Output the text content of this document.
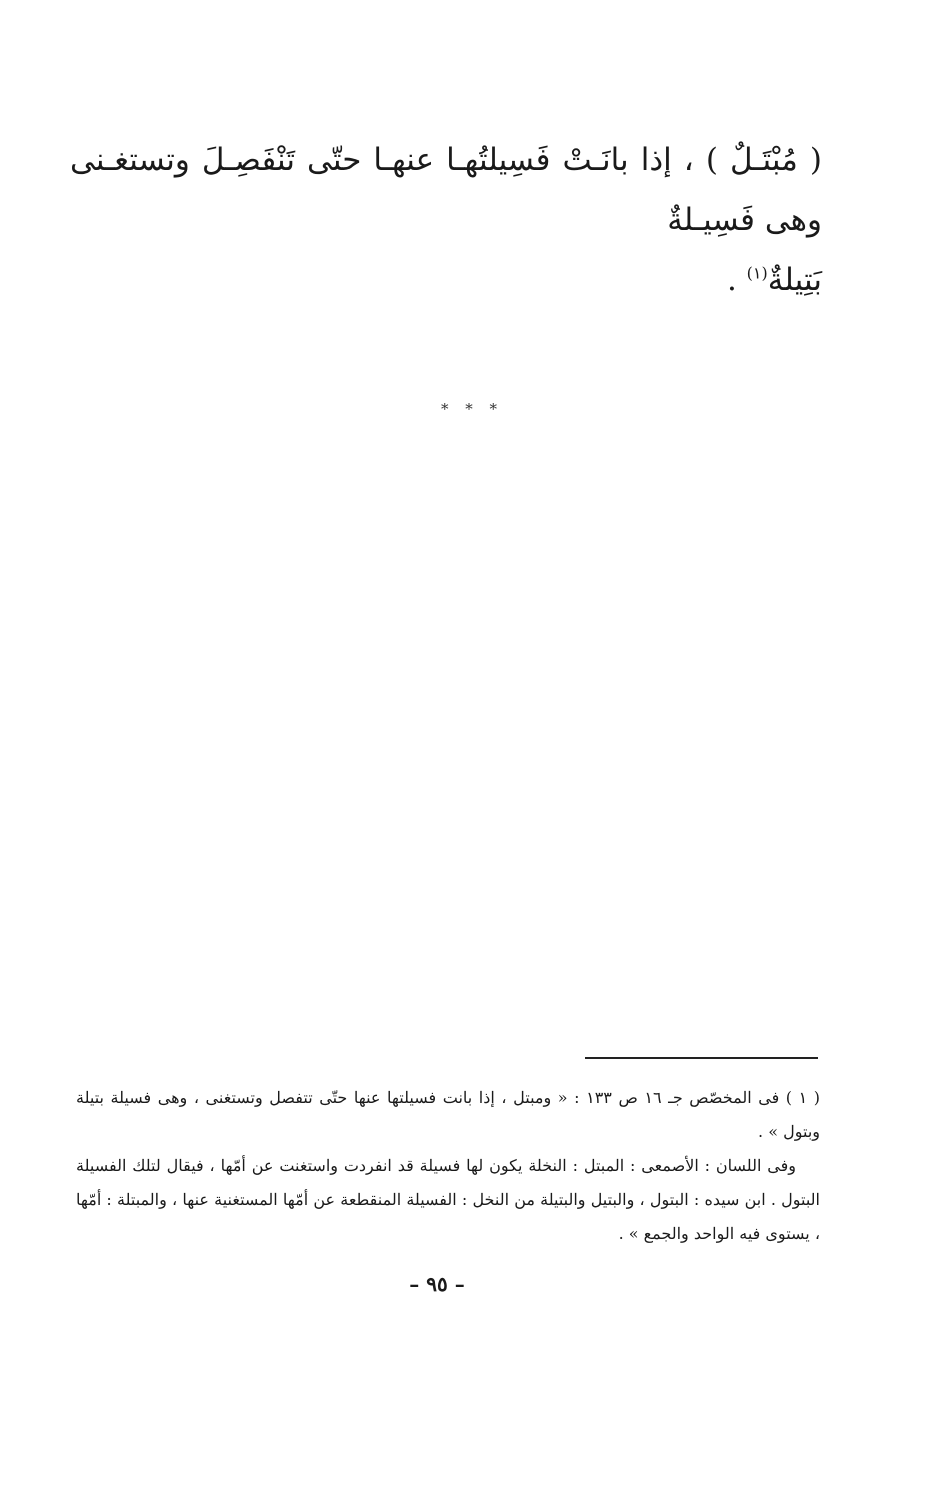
( مُبْتَـلٌ ) ، إذا بانَـتْ فَسِيلتُهـا عنهـا حتّى تَنْفَصِـلَ وتستغـنى وهى فَسِيـلةٌ

بَتِيلةٌ$^{(١)}$ .

* * *

( ١ ) فى المخصّص جـ ١٦ ص ١٣٣ : « ومبتل ، إذا بانت فسيلتها عنها حتّى تتفصل وتستغنى ، وهى فسيلة بتيلة وبتول » .

وفى اللسان : الأصمعى : المبتل : النخلة يكون لها فسيلة قد انفردت واستغنت عن أمّها ، فيقال لتلك الفسيلة البتول . ابن سيده : البتول ، والبتيل والبتيلة من النخل : الفسيلة المنقطعة عن أمّها المستغنية عنها ، والمبتلة : أمّها ، يستوى فيه الواحد والجمع » .

– ٩٥ –
